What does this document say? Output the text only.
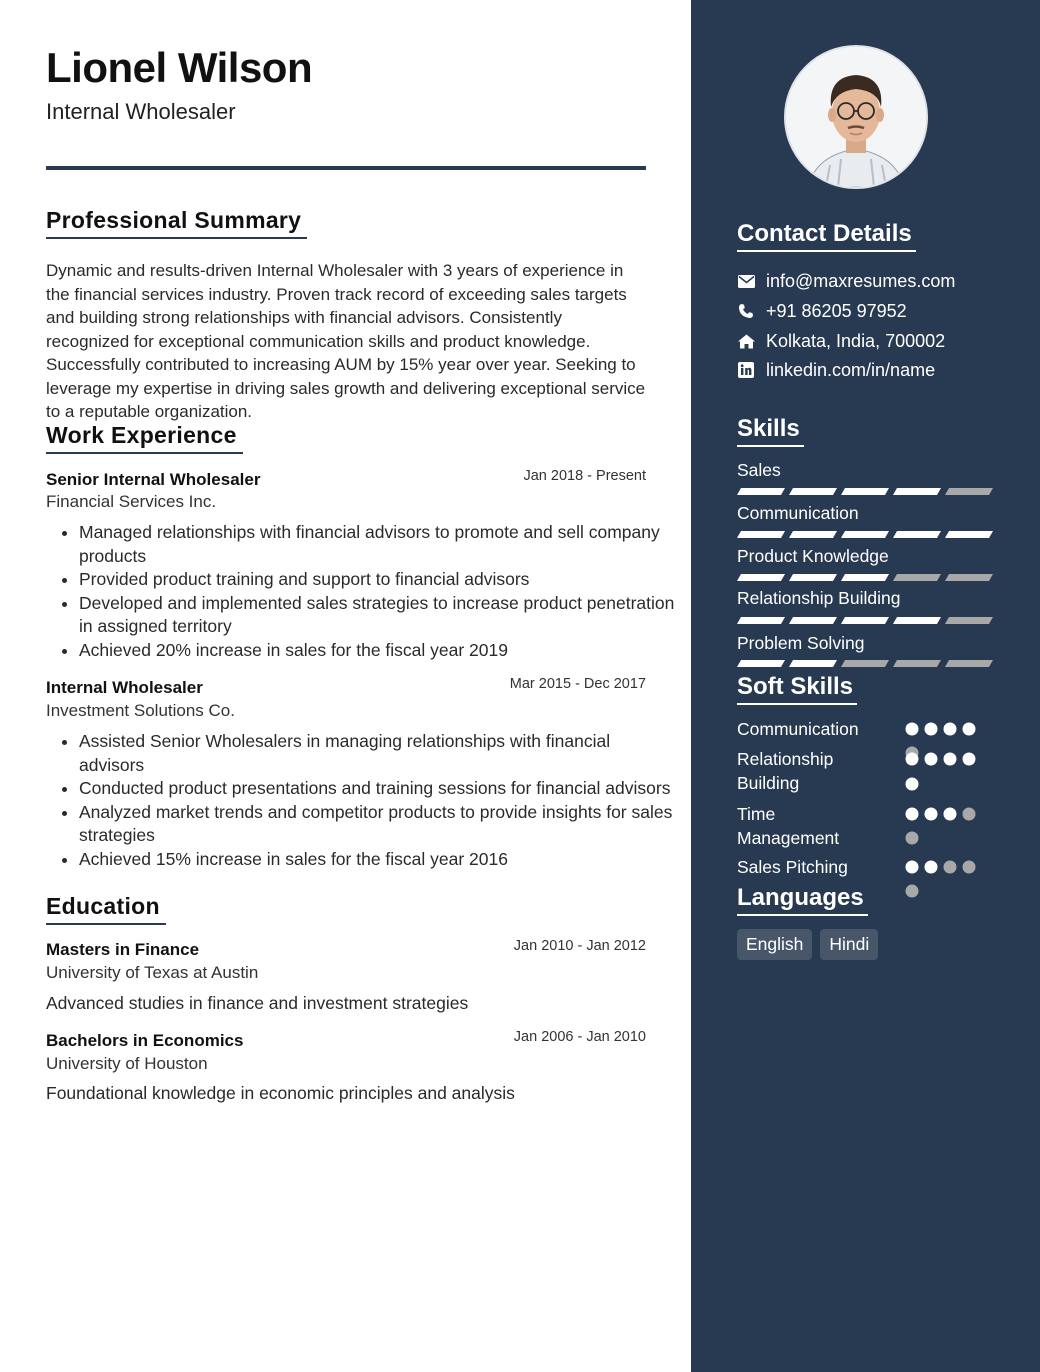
Lionel Wilson
Internal Wholesaler
Professional Summary
Dynamic and results-driven Internal Wholesaler with 3 years of experience in the financial services industry. Proven track record of exceeding sales targets and building strong relationships with financial advisors. Consistently recognized for exceptional communication skills and product knowledge. Successfully contributed to increasing AUM by 15% year over year. Seeking to leverage my expertise in driving sales growth and delivering exceptional service to a reputable organization.
Work Experience
Senior Internal Wholesaler	Jan 2018 - Present
Financial Services Inc.
• Managed relationships with financial advisors to promote and sell company products
• Provided product training and support to financial advisors
• Developed and implemented sales strategies to increase product penetration in assigned territory
• Achieved 20% increase in sales for the fiscal year 2019
Internal Wholesaler	Mar 2015 - Dec 2017
Investment Solutions Co.
• Assisted Senior Wholesalers in managing relationships with financial advisors
• Conducted product presentations and training sessions for financial advisors
• Analyzed market trends and competitor products to provide insights for sales strategies
• Achieved 15% increase in sales for the fiscal year 2016
Education
Masters in Finance	Jan 2010 - Jan 2012
University of Texas at Austin
Advanced studies in finance and investment strategies
Bachelors in Economics	Jan 2006 - Jan 2010
University of Houston
Foundational knowledge in economic principles and analysis
Contact Details
info@maxresumes.com
+91 86205 97952
Kolkata, India, 700002
linkedin.com/in/name
Skills
Sales
Communication
Product Knowledge
Relationship Building
Problem Solving
Soft Skills
Communication
Relationship Building
Time Management
Sales Pitching
Languages
English	Hindi
